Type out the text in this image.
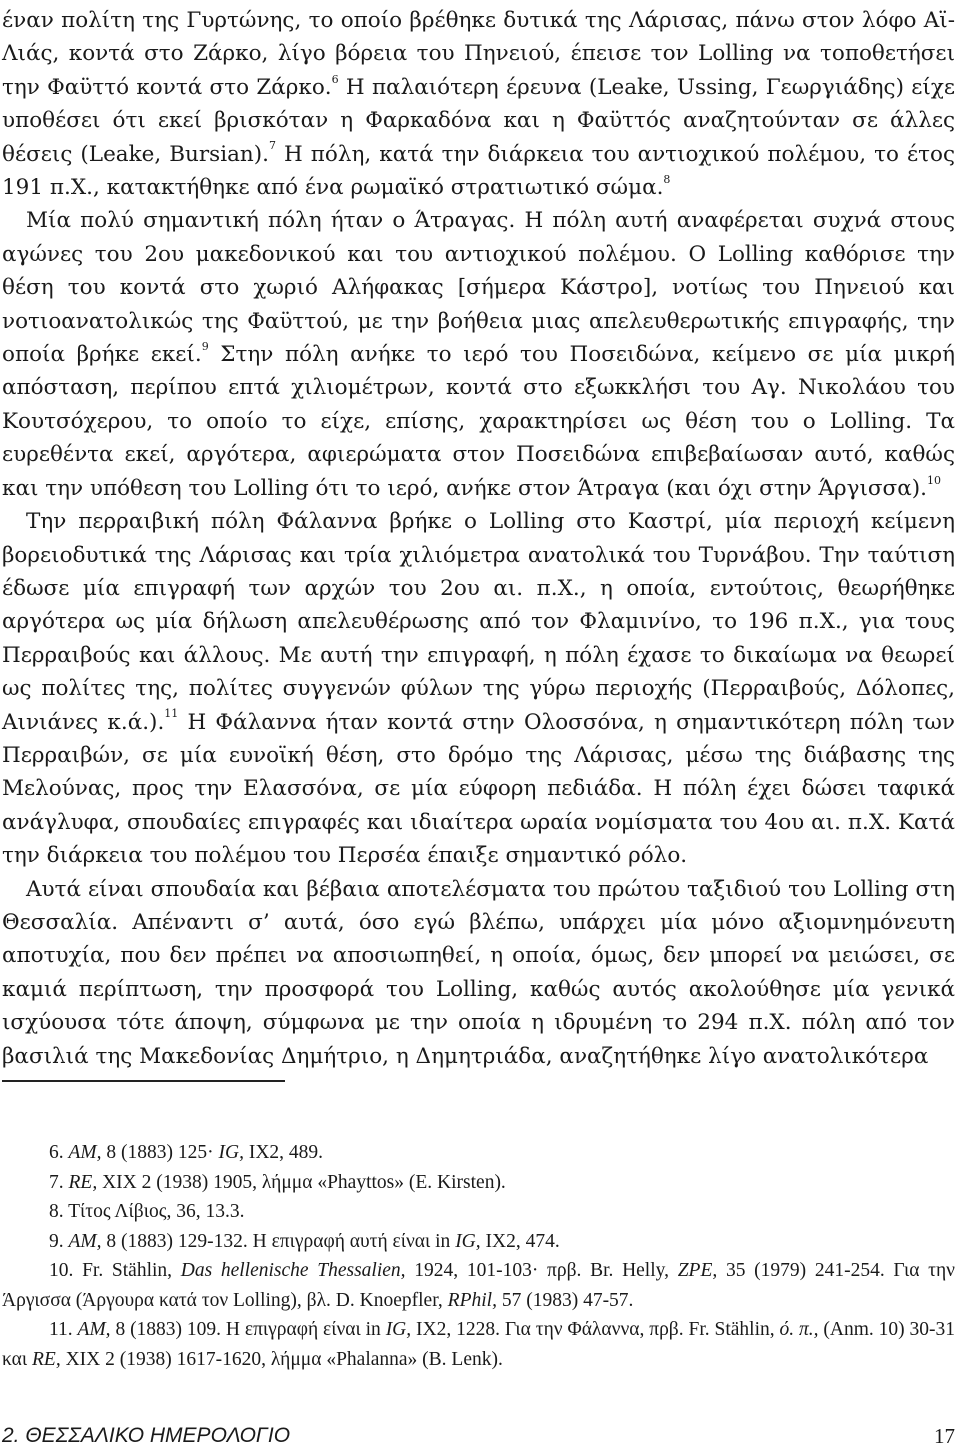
έναν πολίτη της Γυρτώνης, το οποίο βρέθηκε δυτικά της Λάρισας, πάνω στον λόφο Αϊ-Λιάς, κοντά στο Ζάρκο, λίγο βόρεια του Πηνειού, έπεισε τον Lolling να τοποθετήσει την Φαϋττό κοντά στο Ζάρκο.$^6$ Η παλαιότερη έρευνα (Leake, Ussing, Γεωργιάδης) είχε υποθέσει ότι εκεί βρισκόταν η Φαρκαδόνα και η Φαϋττός αναζητούνταν σε άλλες θέσεις (Leake, Bursian).$^7$ Η πόλη, κατά την διάρκεια του αντιοχικού πολέμου, το έτος 191 π.Χ., κατακτήθηκε από ένα ρωμαϊκό στρατιωτικό σώμα.$^8$

Μία πολύ σημαντική πόλη ήταν ο Άτραγας. Η πόλη αυτή αναφέρεται συχνά στους αγώνες του 2ου μακεδονικού και του αντιοχικού πολέμου. Ο Lolling καθόρισε την θέση του κοντά στο χωριό Αλήφακας [σήμερα Κάστρο], νοτίως του Πηνειού και νοτιοανατολικώς της Φαϋττού, με την βοήθεια μιας απελευθερωτικής επιγραφής, την οποία βρήκε εκεί.$^9$ Στην πόλη ανήκε το ιερό του Ποσειδώνα, κείμενο σε μία μικρή απόσταση, περίπου επτά χιλιομέτρων, κοντά στο εξωκκλήσι του Αγ. Νικολάου του Κουτσόχερου, το οποίο το είχε, επίσης, χαρακτηρίσει ως θέση του ο Lolling. Τα ευρεθέντα εκεί, αργότερα, αφιερώματα στον Ποσειδώνα επιβεβαίωσαν αυτό, καθώς και την υπόθεση του Lolling ότι το ιερό, ανήκε στον Άτραγα (και όχι στην Άργισσα).$^{10}$

Την περραιβική πόλη Φάλαννα βρήκε ο Lolling στο Καστρί, μία περιοχή κείμενη βορειοδυτικά της Λάρισας και τρία χιλιόμετρα ανατολικά του Τυρνάβου. Την ταύτιση έδωσε μία επιγραφή των αρχών του 2ου αι. π.Χ., η οποία, εντούτοις, θεωρήθηκε αργότερα ως μία δήλωση απελευθέρωσης από τον Φλαμινίνο, το 196 π.Χ., για τους Περραιβούς και άλλους. Με αυτή την επιγραφή, η πόλη έχασε το δικαίωμα να θεωρεί ως πολίτες της, πολίτες συγγενών φύλων της γύρω περιοχής (Περραιβούς, Δόλοπες, Αινιάνες κ.ά.).$^{11}$ Η Φάλαννα ήταν κοντά στην Ολοσσόνα, η σημαντικότερη πόλη των Περραιβών, σε μία ευνοϊκή θέση, στο δρόμο της Λάρισας, μέσω της διάβασης της Μελούνας, προς την Ελασσόνα, σε μία εύφορη πεδιάδα. Η πόλη έχει δώσει ταφικά ανάγλυφα, σπουδαίες επιγραφές και ιδιαίτερα ωραία νομίσματα του 4ου αι. π.Χ. Κατά την διάρκεια του πολέμου του Περσέα έπαιξε σημαντικό ρόλο.

Αυτά είναι σπουδαία και βέβαια αποτελέσματα του πρώτου ταξιδιού του Lolling στη Θεσσαλία. Απέναντι σ’ αυτά, όσο εγώ βλέπω, υπάρχει μία μόνο αξιομνημόνευτη αποτυχία, που δεν πρέπει να αποσιωπηθεί, η οποία, όμως, δεν μπορεί να μειώσει, σε καμιά περίπτωση, την προσφορά του Lolling, καθώς αυτός ακολούθησε μία γενικά ισχύουσα τότε άποψη, σύμφωνα με την οποία η ιδρυμένη το 294 π.Χ. πόλη από τον βασιλιά της Μακεδονίας Δημήτριο, η Δημητριάδα, αναζητήθηκε λίγο ανατολικότερα

6. AM, 8 (1883) 125· IG, IX2, 489.

7. RE, XIX 2 (1938) 1905, λήμμα «Phayttos» (E. Kirsten).

8. Τίτος Λίβιος, 36, 13.3.

9. AM, 8 (1883) 129-132. Η επιγραφή αυτή είναι in IG, IX2, 474.

10. Fr. Stählin, Das hellenische Thessalien, 1924, 101-103· πρβ. Br. Helly, ZPE, 35 (1979) 241-254. Για την Άργισσα (Άργουρα κατά τον Lolling), βλ. D. Knoepfler, RPhil, 57 (1983) 47-57.

11. AM, 8 (1883) 109. Η επιγραφή είναι in IG, IX2, 1228. Για την Φάλαννα, πρβ. Fr. Stählin, ό. π., (Anm. 10) 30-31 και RE, XIX 2 (1938) 1617-1620, λήμμα «Phalanna» (B. Lenk).

2. ΘΕΣΣΑΛΙΚΟ ΗΜΕΡΟΛΟΓΙΟ	17
